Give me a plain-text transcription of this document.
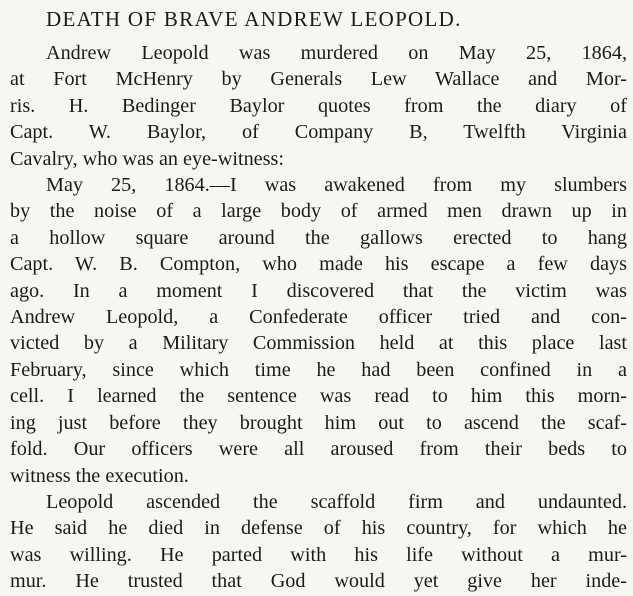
DEATH OF BRAVE ANDREW LEOPOLD.
Andrew Leopold was murdered on May 25, 1864,
at Fort McHenry by Generals Lew Wallace and Mor-
ris. H. Bedinger Baylor quotes from the diary of
Capt. W. Baylor, of Company B, Twelfth Virginia
Cavalry, who was an eye-witness:
May 25, 1864.—I was awakened from my slumbers
by the noise of a large body of armed men drawn up in
a hollow square around the gallows erected to hang
Capt. W. B. Compton, who made his escape a few days
ago. In a moment I discovered that the victim was
Andrew Leopold, a Confederate officer tried and con-
victed by a Military Commission held at this place last
February, since which time he had been confined in a
cell. I learned the sentence was read to him this morn-
ing just before they brought him out to ascend the scaf-
fold. Our officers were all aroused from their beds to
witness the execution.
Leopold ascended the scaffold firm and undaunted.
He said he died in defense of his country, for which he
was willing. He parted with his life without a mur-
mur. He trusted that God would yet give her inde-
